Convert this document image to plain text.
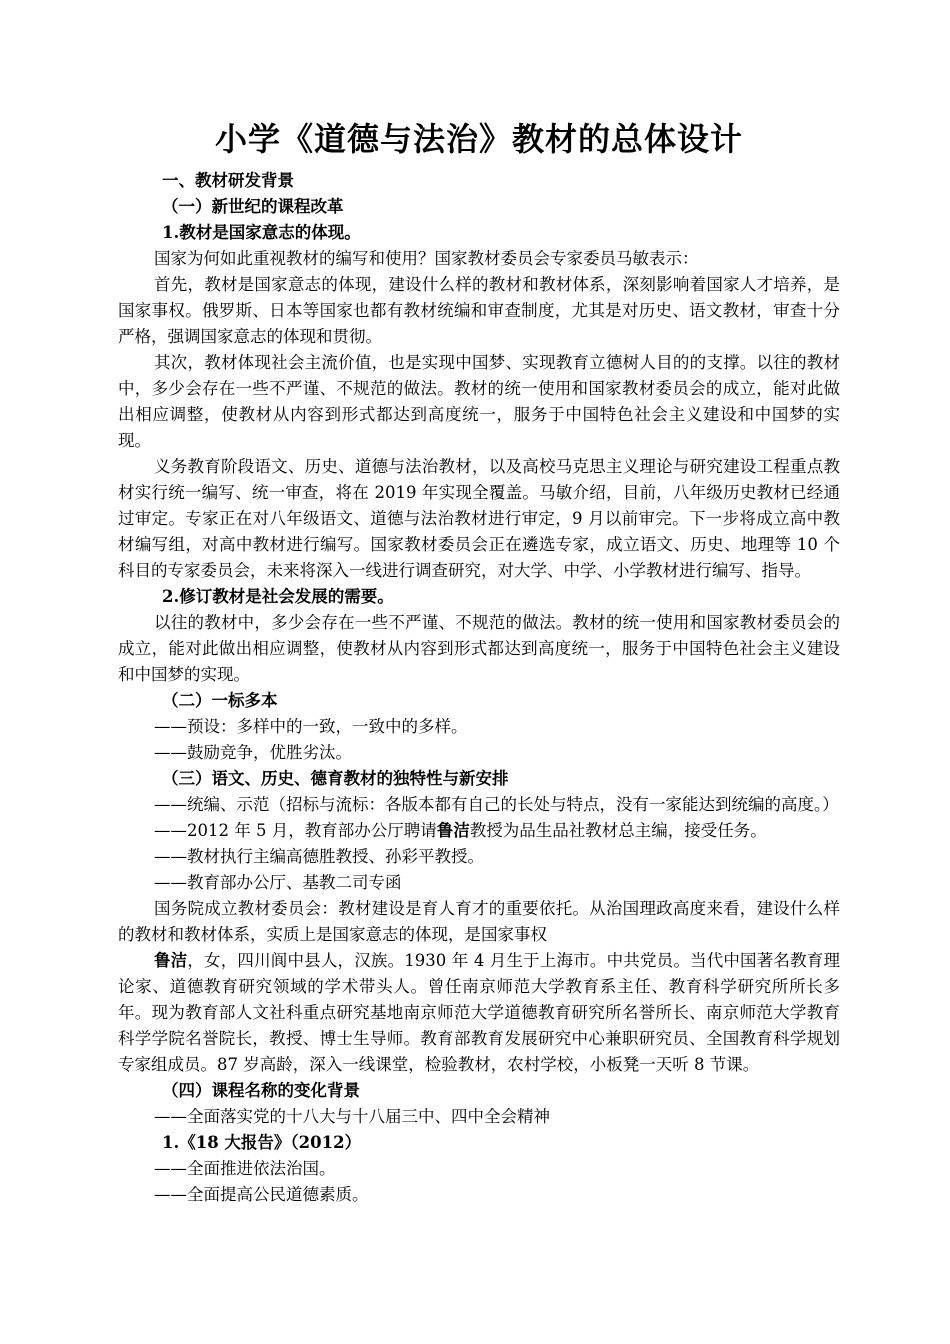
小学《道德与法治》教材的总体设计

一、教材研发背景

（一）新世纪的课程改革

1.教材是国家意志的体现。

国家为何如此重视教材的编写和使用？国家教材委员会专家委员马敏表示：

首先，教材是国家意志的体现，建设什么样的教材和教材体系，深刻影响着国家人才培养，是国家事权。俄罗斯、日本等国家也都有教材统编和审查制度，尤其是对历史、语文教材，审查十分严格，强调国家意志的体现和贯彻。

其次，教材体现社会主流价值，也是实现中国梦、实现教育立德树人目的的支撑。以往的教材中，多少会存在一些不严谨、不规范的做法。教材的统一使用和国家教材委员会的成立，能对此做出相应调整，使教材从内容到形式都达到高度统一，服务于中国特色社会主义建设和中国梦的实现。

义务教育阶段语文、历史、道德与法治教材，以及高校马克思主义理论与研究建设工程重点教材实行统一编写、统一审查，将在 2019 年实现全覆盖。马敏介绍，目前，八年级历史教材已经通过审定。专家正在对八年级语文、道德与法治教材进行审定，9 月以前审完。下一步将成立高中教材编写组，对高中教材进行编写。国家教材委员会正在遴选专家，成立语文、历史、地理等 10 个科目的专家委员会，未来将深入一线进行调查研究，对大学、中学、小学教材进行编写、指导。

2.修订教材是社会发展的需要。

以往的教材中，多少会存在一些不严谨、不规范的做法。教材的统一使用和国家教材委员会的成立，能对此做出相应调整，使教材从内容到形式都达到高度统一，服务于中国特色社会主义建设和中国梦的实现。

（二）一标多本

——预设：多样中的一致，一致中的多样。

——鼓励竞争，优胜劣汰。

（三）语文、历史、德育教材的独特性与新安排

——统编、示范（招标与流标：各版本都有自己的长处与特点，没有一家能达到统编的高度。）

——2012 年 5 月，教育部办公厅聘请鲁洁教授为品生品社教材总主编，接受任务。

——教材执行主编高德胜教授、孙彩平教授。

——教育部办公厅、基教二司专函

国务院成立教材委员会：教材建设是育人育才的重要依托。从治国理政高度来看，建设什么样的教材和教材体系，实质上是国家意志的体现，是国家事权

鲁洁，女，四川阆中县人，汉族。1930 年 4 月生于上海市。中共党员。当代中国著名教育理论家、道德教育研究领域的学术带头人。曾任南京师范大学教育系主任、教育科学研究所所长多年。现为教育部人文社科重点研究基地南京师范大学道德教育研究所名誉所长、南京师范大学教育科学学院名誉院长，教授、博士生导师。教育部教育发展研究中心兼职研究员、全国教育科学规划专家组成员。87 岁高龄，深入一线课堂，检验教材，农村学校，小板凳一天听 8 节课。

（四）课程名称的变化背景

——全面落实党的十八大与十八届三中、四中全会精神

1.《18 大报告》（2012）

——全面推进依法治国。

——全面提高公民道德素质。
